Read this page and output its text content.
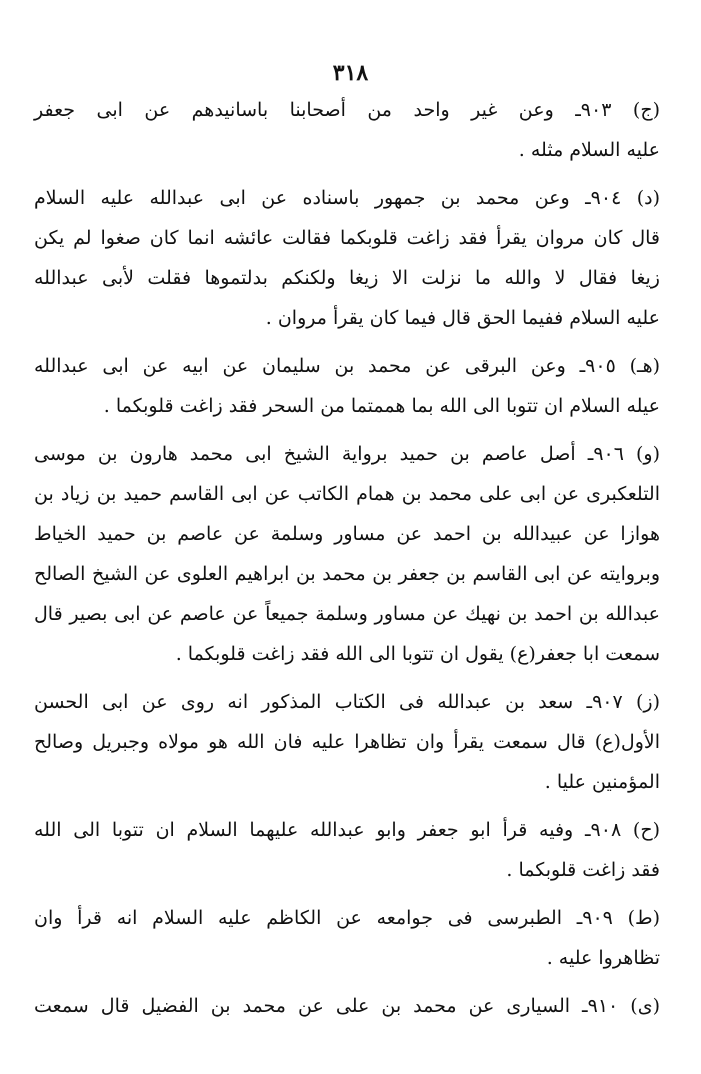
٣١٨

(ج) ٩٠٣ـ وعن غير واحد من أصحابنا باسانيدهم عن ابى جعفر
عليه السلام مثله .

(د) ٩٠٤ـ وعن محمد بن جمهور باسناده عن ابى عبدالله عليه السلام
قال كان مروان يقرأ فقد زاغت قلوبكما فقالت عائشه انما كان صغوا لم يكن
زيغا فقال لا والله ما نزلت الا زيغا ولكنكم بدلتموها فقلت لأبى عبدالله
عليه السلام ففيما الحق قال فيما كان يقرأ مروان .

(هـ) ٩٠٥ـ وعن البرقى عن محمد بن سليمان عن ابيه عن ابى عبدالله
عيله السلام ان تتوبا الى الله بما هممتما من السحر فقد زاغت قلوبكما .

(و) ٩٠٦ـ أصل عاصم بن حميد برواية الشيخ ابى محمد هارون بن موسى
التلعكبرى عن ابى على محمد بن همام الكاتب عن ابى القاسم حميد بن زياد بن
هوازا عن عبيدالله بن احمد عن مساور وسلمة عن عاصم بن حميد الخياط
وبروايته عن ابى القاسم بن جعفر بن محمد بن ابراهيم العلوى عن الشيخ الصالح
عبدالله بن احمد بن نهيك عن مساور وسلمة جميعاً عن عاصم عن ابى بصير قال
سمعت ابا جعفر(ع) يقول ان تتوبا الى الله فقد زاغت قلوبكما .

(ز) ٩٠٧ـ سعد بن عبدالله فى الكتاب المذكور انه روى عن ابى الحسن
الأول(ع) قال سمعت يقرأ وان تظاهرا عليه فان الله هو مولاه وجبريل وصالح
المؤمنين عليا .

(ح) ٩٠٨ـ وفيه قرأ ابو جعفر وابو عبدالله عليهما السلام ان تتوبا الى الله
فقد زاغت قلوبكما .

(ط) ٩٠٩ـ الطبرسى فى جوامعه عن الكاظم عليه السلام انه قرأ وان
تظاهروا عليه .

(ى) ٩١٠ـ السيارى عن محمد بن على عن محمد بن الفضيل قال سمعت
